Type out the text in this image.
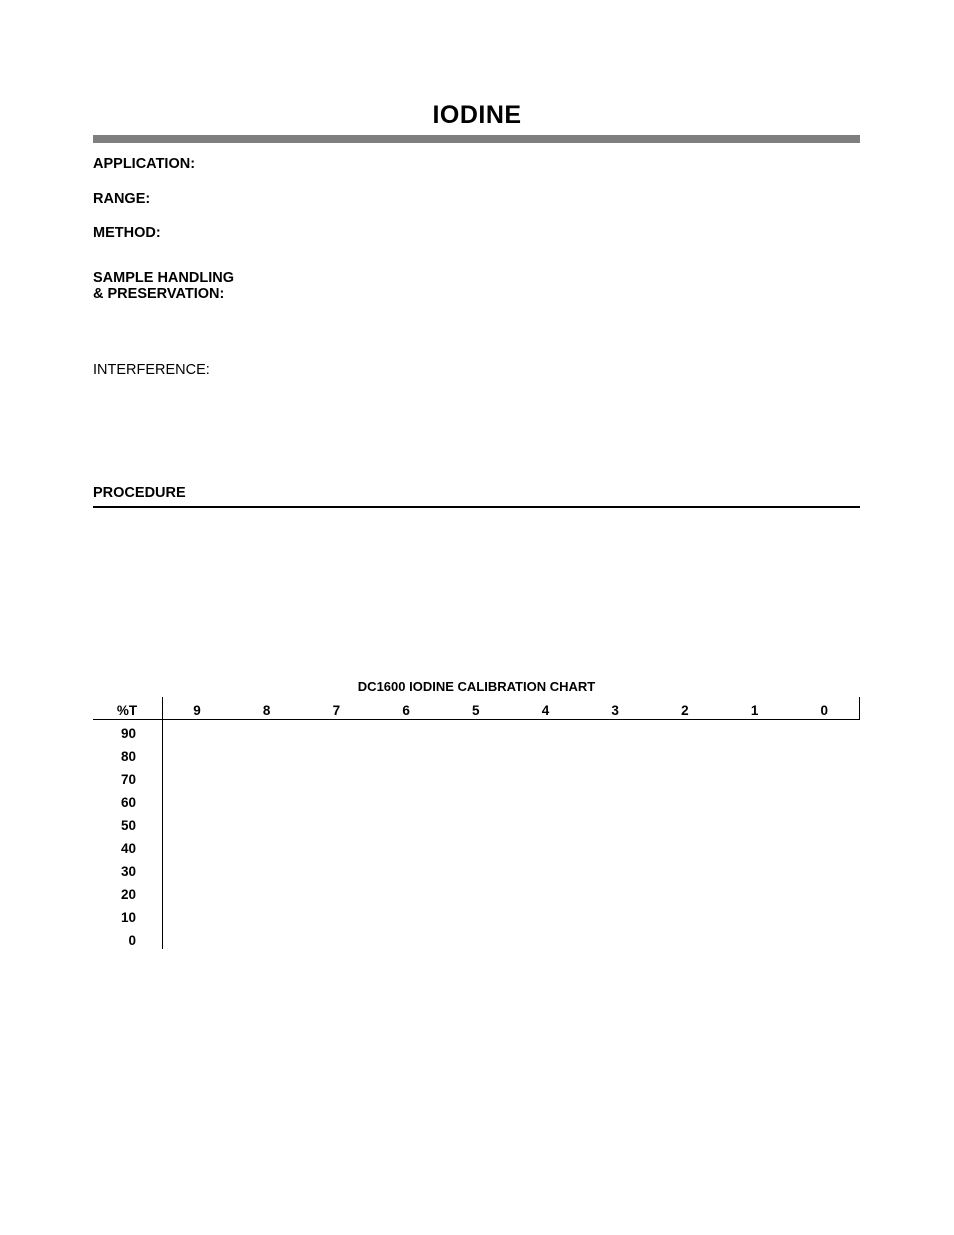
IODINE
APPLICATION:
RANGE:
METHOD:
SAMPLE HANDLING
& PRESERVATION:
INTERFERENCE:
PROCEDURE
DC1600 IODINE CALIBRATION CHART
%T	9	8	7	6	5	4	3	2	1	0
90
80
70
60
50
40
30
20
10
0
